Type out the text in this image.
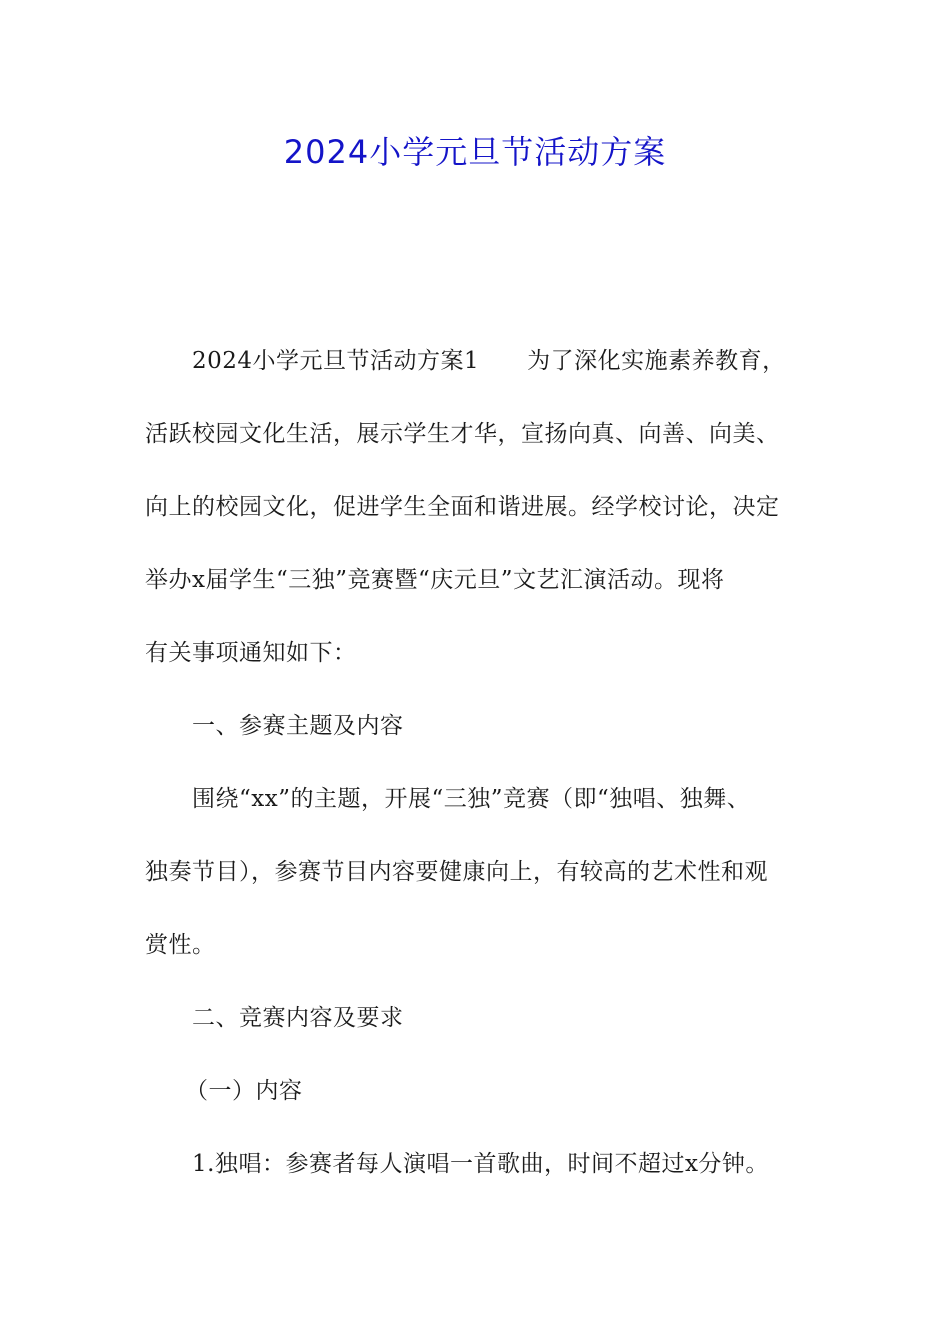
2024小学元旦节活动方案

2024小学元旦节活动方案1 为了深化实施素养教育，

活跃校园文化生活，展示学生才华，宣扬向真、向善、向美、

向上的校园文化，促进学生全面和谐进展。经学校讨论，决定

举办x届学生“三独”竞赛暨“庆元旦”文艺汇演活动。现将

有关事项通知如下：

一、参赛主题及内容

围绕“xx”的主题，开展“三独”竞赛（即“独唱、独舞、

独奏节目），参赛节目内容要健康向上，有较高的艺术性和观

赏性。

二、竞赛内容及要求

（一）内容

1.独唱：参赛者每人演唱一首歌曲，时间不超过x分钟。
